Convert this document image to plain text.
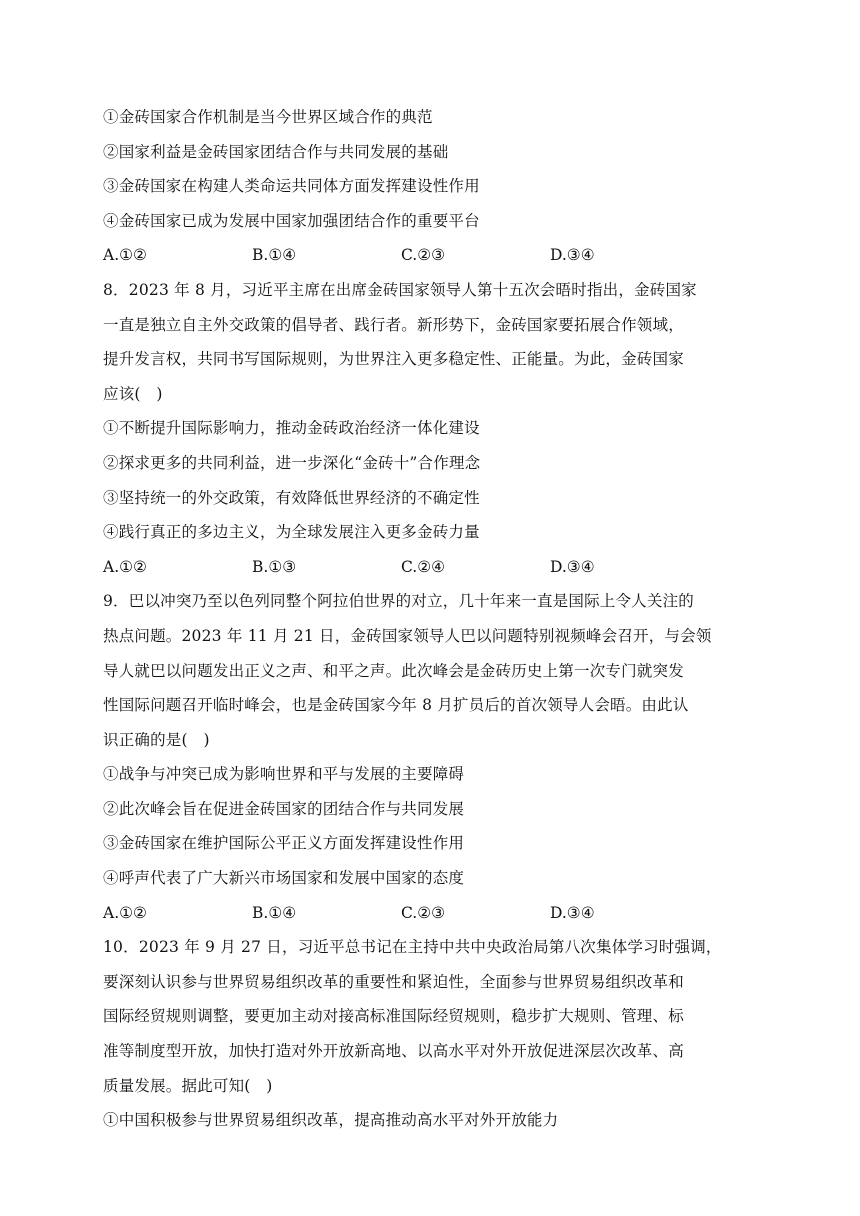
①金砖国家合作机制是当今世界区域合作的典范
②国家利益是金砖国家团结合作与共同发展的基础
③金砖国家在构建人类命运共同体方面发挥建设性作用
④金砖国家已成为发展中国家加强团结合作的重要平台
A.①②	B.①④	C.②③	D.③④
8．2023 年 8 月，习近平主席在出席金砖国家领导人第十五次会晤时指出，金砖国家
一直是独立自主外交政策的倡导者、践行者。新形势下，金砖国家要拓展合作领域，
提升发言权，共同书写国际规则，为世界注入更多稳定性、正能量。为此，金砖国家
应该(　)
①不断提升国际影响力，推动金砖政治经济一体化建设
②探求更多的共同利益，进一步深化“金砖十”合作理念
③坚持统一的外交政策，有效降低世界经济的不确定性
④践行真正的多边主义，为全球发展注入更多金砖力量
A.①②	B.①③	C.②④	D.③④
9．巴以冲突乃至以色列同整个阿拉伯世界的对立，几十年来一直是国际上令人关注的
热点问题。2023 年 11 月 21 日，金砖国家领导人巴以问题特别视频峰会召开，与会领
导人就巴以问题发出正义之声、和平之声。此次峰会是金砖历史上第一次专门就突发
性国际问题召开临时峰会，也是金砖国家今年 8 月扩员后的首次领导人会晤。由此认
识正确的是(　)
①战争与冲突已成为影响世界和平与发展的主要障碍
②此次峰会旨在促进金砖国家的团结合作与共同发展
③金砖国家在维护国际公平正义方面发挥建设性作用
④呼声代表了广大新兴市场国家和发展中国家的态度
A.①②	B.①④	C.②③	D.③④
10．2023 年 9 月 27 日，习近平总书记在主持中共中央政治局第八次集体学习时强调，
要深刻认识参与世界贸易组织改革的重要性和紧迫性，全面参与世界贸易组织改革和
国际经贸规则调整，要更加主动对接高标准国际经贸规则，稳步扩大规则、管理、标
准等制度型开放，加快打造对外开放新高地、以高水平对外开放促进深层次改革、高
质量发展。据此可知(　)
①中国积极参与世界贸易组织改革，提高推动高水平对外开放能力
